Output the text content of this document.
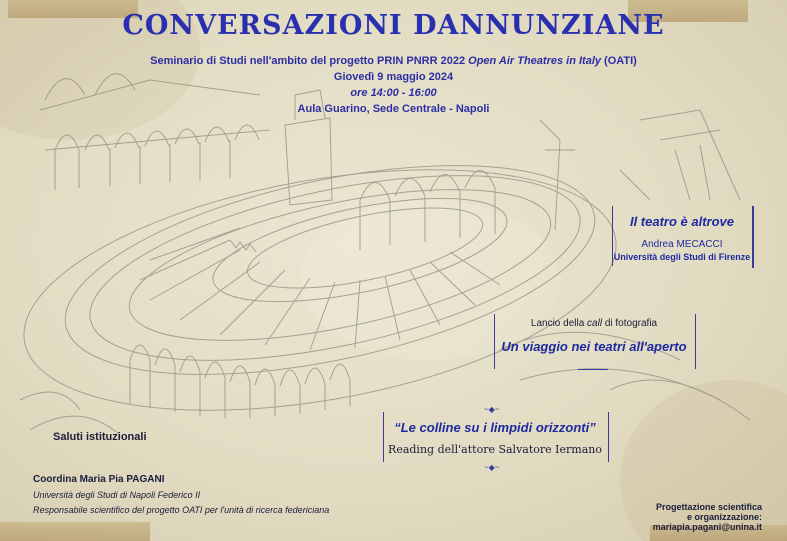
CONVERSAZIONI DANNUNZIANE
Seminario di Studi nell'ambito del progetto PRIN PNRR 2022 Open Air Theatres in Italy (OATI)
Giovedì 9 maggio 2024
ore 14:00 - 16:00
Aula Guarino, Sede Centrale - Napoli
Il teatro è altrove
Andrea MECACCI
Università degli Studi di Firenze
Lancio della call di fotografia
Un viaggio nei teatri all'aperto
~◆~
“Le colline su i limpidi orizzonti”
Reading dell'attore Salvatore Iermano
~◆~
Saluti istituzionali
Coordina Maria Pia PAGANI
Università degli Studi di Napoli Federico II
Responsabile scientifico del progetto OATI per l'unità di ricerca federiciana	Progettazione scientifica
e organizzazione:
mariapia.pagani@unina.it
